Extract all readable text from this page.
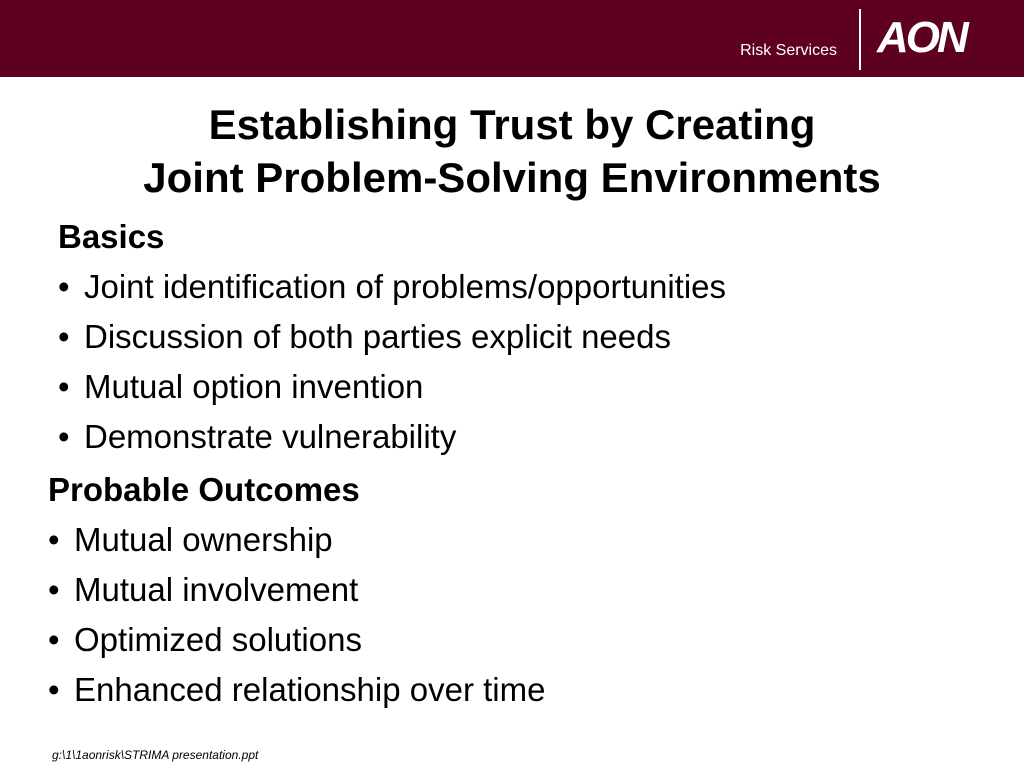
Risk Services AON
Establishing Trust by Creating
Joint Problem-Solving Environments
Basics
• Joint identification of problems/opportunities
• Discussion of both parties explicit needs
• Mutual option invention
• Demonstrate vulnerability
Probable Outcomes
• Mutual ownership
• Mutual involvement
• Optimized solutions
• Enhanced relationship over time
g:\1\1aonrisk\STRIMA presentation.ppt
